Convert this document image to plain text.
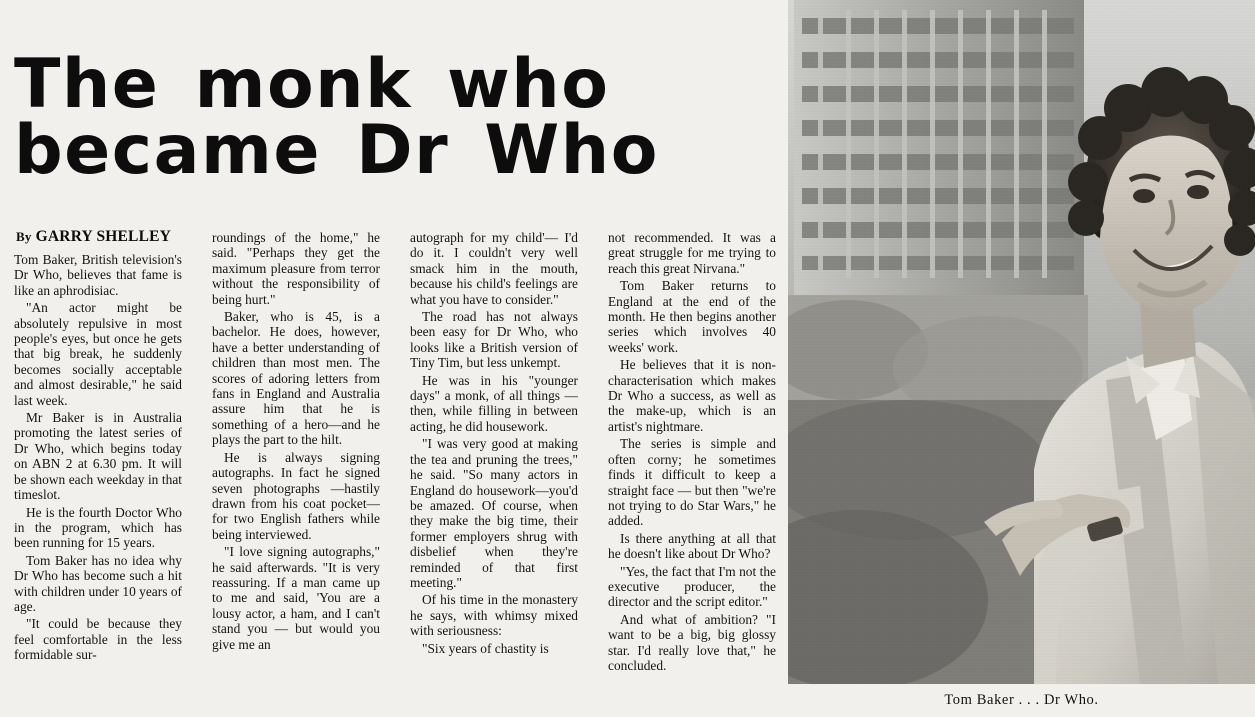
The monk who
became Dr Who
By GARRY SHELLEY

Tom Baker, British television's Dr Who, believes that fame is like an aphrodisiac.

"An actor might be absolutely repulsive in most people's eyes, but once he gets that big break, he suddenly becomes socially acceptable and almost desirable," he said last week.

Mr Baker is in Australia promoting the latest series of Dr Who, which begins today on ABN 2 at 6.30 pm. It will be shown each weekday in that timeslot.

He is the fourth Doctor Who in the program, which has been running for 15 years.

Tom Baker has no idea why Dr Who has become such a hit with children under 10 years of age.

"It could be because they feel comfortable in the less formidable sur-

roundings of the home," he said. "Perhaps they get the maximum pleasure from terror without the responsibility of being hurt."

Baker, who is 45, is a bachelor. He does, however, have a better understanding of children than most men. The scores of adoring letters from fans in England and Australia assure him that he is something of a hero—and he plays the part to the hilt.

He is always signing autographs. In fact he signed seven photographs —hastily drawn from his coat pocket—for two English fathers while being interviewed.

"I love signing autographs," he said afterwards. "It is very reassuring. If a man came up to me and said, 'You are a lousy actor, a ham, and I can't stand you — but would you give me an

autograph for my child'— I'd do it. I couldn't very well smack him in the mouth, because his child's feelings are what you have to consider."

The road has not always been easy for Dr Who, who looks like a British version of Tiny Tim, but less unkempt.

He was in his "younger days" a monk, of all things —then, while filling in between acting, he did housework.

"I was very good at making the tea and pruning the trees," he said. "So many actors in England do housework—you'd be amazed. Of course, when they make the big time, their former employers shrug with disbelief when they're reminded of that first meeting."

Of his time in the monastery he says, with whimsy mixed with seriousness:

"Six years of chastity is

not recommended. It was a great struggle for me trying to reach this great Nirvana."

Tom Baker returns to England at the end of the month. He then begins another series which involves 40 weeks' work.

He believes that it is non-characterisation which makes Dr Who a success, as well as the make-up, which is an artist's nightmare.

The series is simple and often corny; he sometimes finds it difficult to keep a straight face — but then "we're not trying to do Star Wars," he added.

Is there anything at all that he doesn't like about Dr Who?

"Yes, the fact that I'm not the executive producer, the director and the script editor."

And what of ambition? "I want to be a big, big glossy star. I'd really love that," he concluded.

Tom Baker . . . Dr Who.
